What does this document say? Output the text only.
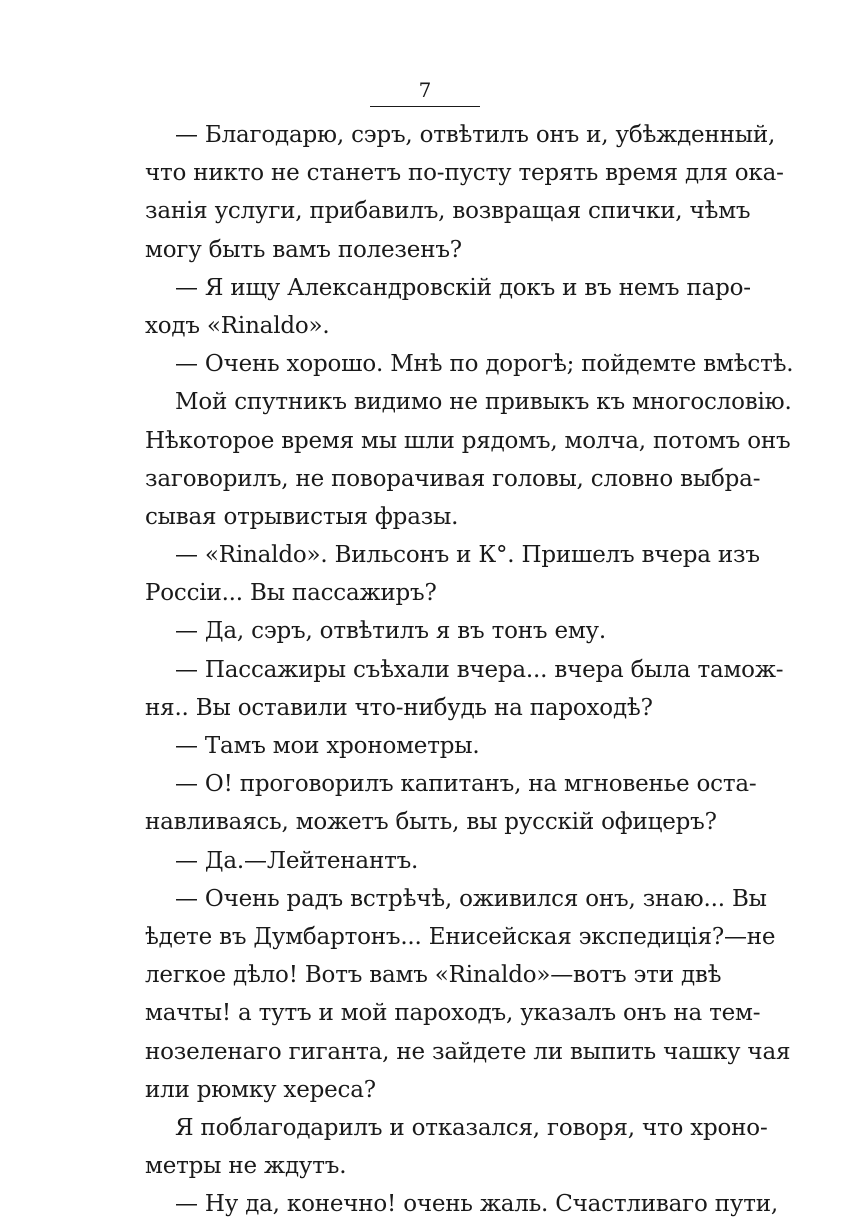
7
— Благодарю, сэръ, отвѣтилъ онъ и, убѣжденный,
что никто не станетъ по-пусту терять время для ока-
занія услуги, прибавилъ, возвращая спички, чѣмъ
могу быть вамъ полезенъ?
— Я ищу Александровскій докъ и въ немъ паро-
ходъ «Rinaldo».
— Очень хорошо. Мнѣ по дорогѣ; пойдемте вмѣстѣ.
Мой спутникъ видимо не привыкъ къ многословію.
Нѣкоторое время мы шли рядомъ, молча, потомъ онъ
заговорилъ, не поворачивая головы, словно выбра-
сывая отрывистыя фразы.
— «Rinaldo». Вильсонъ и К°. Пришелъ вчера изъ
Россіи... Вы пассажиръ?
— Да, сэръ, отвѣтилъ я въ тонъ ему.
— Пассажиры съѣхали вчера... вчера была тамож-
ня.. Вы оставили что-нибудь на пароходѣ?
— Тамъ мои хронометры.
— О! проговорилъ капитанъ, на мгновенье оста-
навливаясь, можетъ быть, вы русскій офицеръ?
— Да.—Лейтенантъ.
— Очень радъ встрѣчѣ, оживился онъ, знаю... Вы
ѣдете въ Думбартонъ... Енисейская экспедиція?—не
легкое дѣло! Вотъ вамъ «Rinaldo»—вотъ эти двѣ
мачты! а тутъ и мой пароходъ, указалъ онъ на тем-
нозеленаго гиганта, не зайдете ли выпить чашку чая
или рюмку хереса?
Я поблагодарилъ и отказался, говоря, что хроно-
метры не ждутъ.
— Ну да, конечно! очень жаль. Счастливаго пути,
